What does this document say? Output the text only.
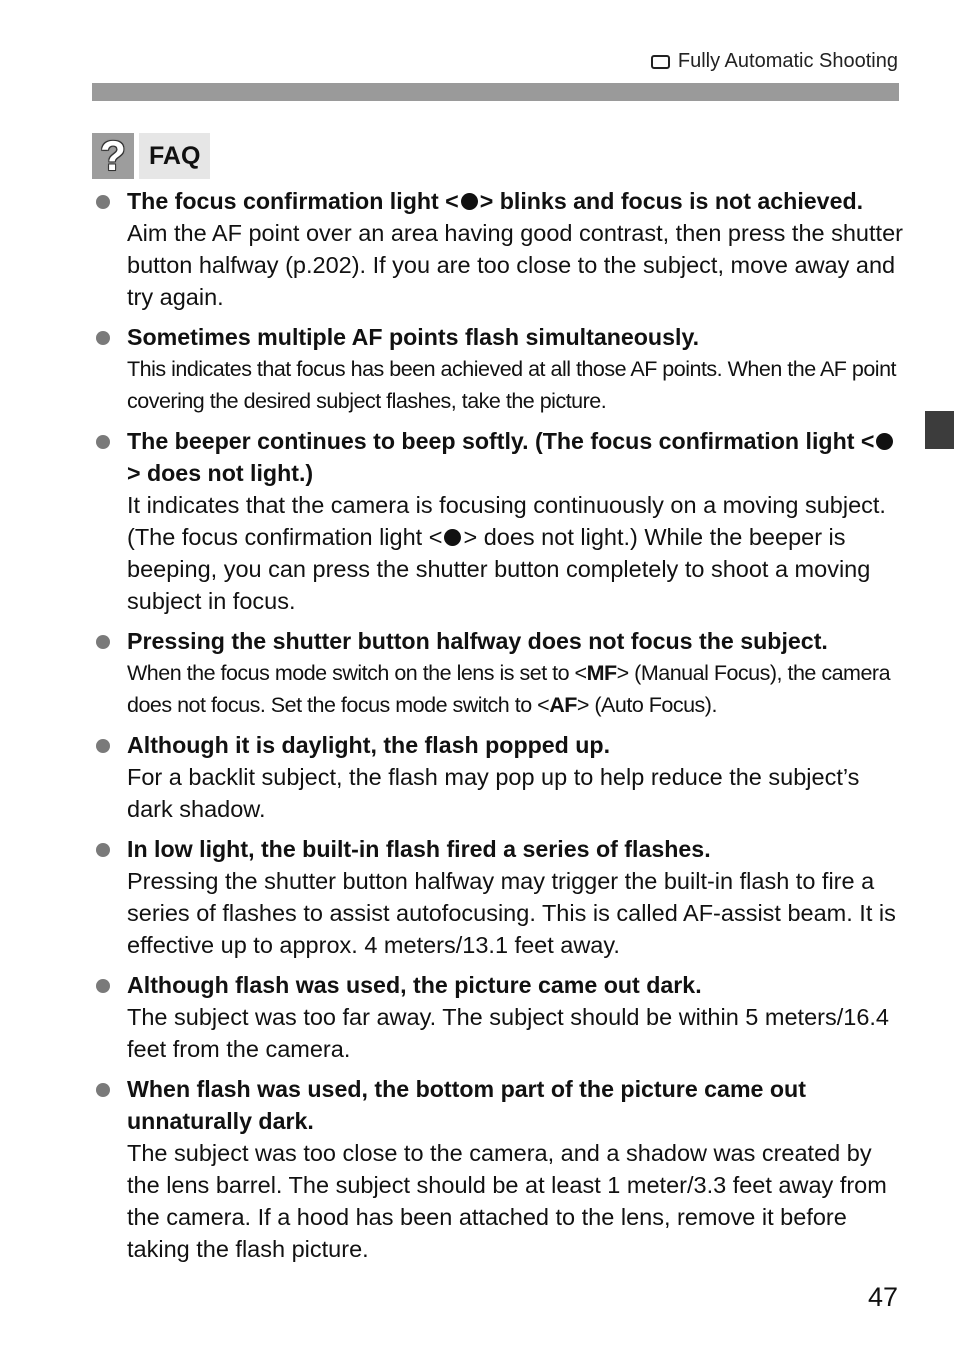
Fully Automatic Shooting
? FAQ
The focus confirmation light < > blinks and focus is not achieved.
Aim the AF point over an area having good contrast, then press the shutter button halfway (p.202). If you are too close to the subject, move away and try again.
Sometimes multiple AF points flash simultaneously.
This indicates that focus has been achieved at all those AF points. When the AF point covering the desired subject flashes, take the picture.
The beeper continues to beep softly. (The focus confirmation light <> does not light.)
It indicates that the camera is focusing continuously on a moving subject. (The focus confirmation light < > does not light.) While the beeper is beeping, you can press the shutter button completely to shoot a moving subject in focus.
Pressing the shutter button halfway does not focus the subject.
When the focus mode switch on the lens is set to <MF> (Manual Focus), the camera does not focus. Set the focus mode switch to <AF> (Auto Focus).
Although it is daylight, the flash popped up.
For a backlit subject, the flash may pop up to help reduce the subject’s dark shadow.
In low light, the built-in flash fired a series of flashes.
Pressing the shutter button halfway may trigger the built-in flash to fire a series of flashes to assist autofocusing. This is called AF-assist beam. It is effective up to approx. 4 meters/13.1 feet away.
Although flash was used, the picture came out dark.
The subject was too far away. The subject should be within 5 meters/16.4 feet from the camera.
When flash was used, the bottom part of the picture came out unnaturally dark.
The subject was too close to the camera, and a shadow was created by the lens barrel. The subject should be at least 1 meter/3.3 feet away from the camera. If a hood has been attached to the lens, remove it before taking the flash picture.
47
